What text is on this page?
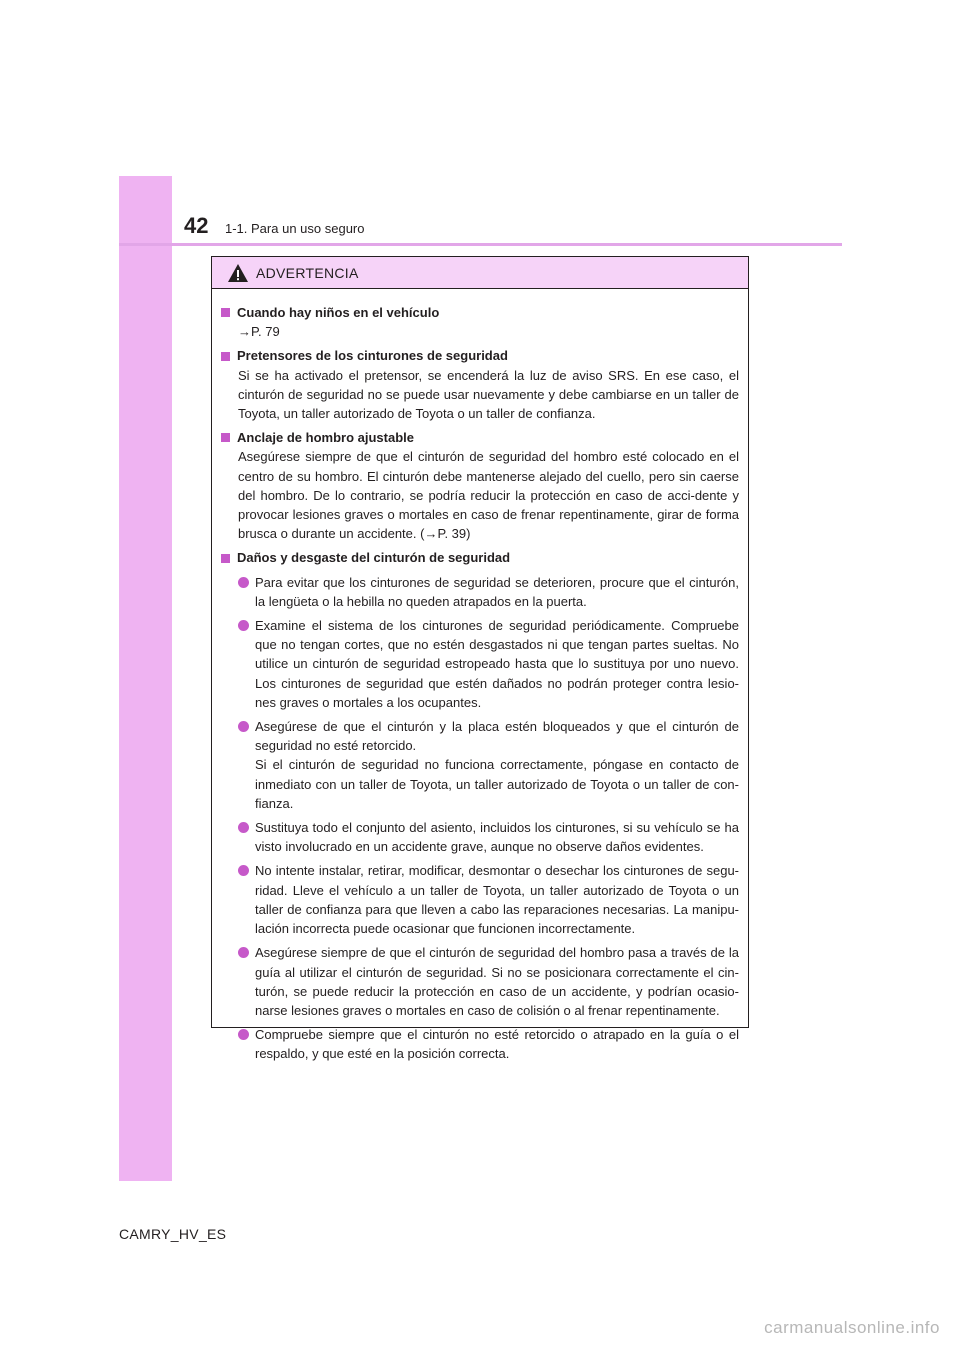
42 1-1. Para un uso seguro
ADVERTENCIA
Cuando hay niños en el vehículo
→P. 79
Pretensores de los cinturones de seguridad
Si se ha activado el pretensor, se encenderá la luz de aviso SRS. En ese caso, el cinturón de seguridad no se puede usar nuevamente y debe cambiarse en un taller de Toyota, un taller autorizado de Toyota o un taller de confianza.
Anclaje de hombro ajustable
Asegúrese siempre de que el cinturón de seguridad del hombro esté colocado en el centro de su hombro. El cinturón debe mantenerse alejado del cuello, pero sin caerse del hombro. De lo contrario, se podría reducir la protección en caso de acci-dente y provocar lesiones graves o mortales en caso de frenar repentinamente, girar de forma brusca o durante un accidente. (→P. 39)
Daños y desgaste del cinturón de seguridad
Para evitar que los cinturones de seguridad se deterioren, procure que el cinturón, la lengüeta o la hebilla no queden atrapados en la puerta.
Examine el sistema de los cinturones de seguridad periódicamente. Compruebe que no tengan cortes, que no estén desgastados ni que tengan partes sueltas. No utilice un cinturón de seguridad estropeado hasta que lo sustituya por uno nuevo. Los cinturones de seguridad que estén dañados no podrán proteger contra lesio-nes graves o mortales a los ocupantes.
Asegúrese de que el cinturón y la placa estén bloqueados y que el cinturón de seguridad no esté retorcido.
Si el cinturón de seguridad no funciona correctamente, póngase en contacto de inmediato con un taller de Toyota, un taller autorizado de Toyota o un taller de con-fianza.
Sustituya todo el conjunto del asiento, incluidos los cinturones, si su vehículo se ha visto involucrado en un accidente grave, aunque no observe daños evidentes.
No intente instalar, retirar, modificar, desmontar o desechar los cinturones de segu-ridad. Lleve el vehículo a un taller de Toyota, un taller autorizado de Toyota o un taller de confianza para que lleven a cabo las reparaciones necesarias. La manipu-lación incorrecta puede ocasionar que funcionen incorrectamente.
Asegúrese siempre de que el cinturón de seguridad del hombro pasa a través de la guía al utilizar el cinturón de seguridad. Si no se posicionara correctamente el cin-turón, se puede reducir la protección en caso de un accidente, y podrían ocasio-narse lesiones graves o mortales en caso de colisión o al frenar repentinamente.
Compruebe siempre que el cinturón no esté retorcido o atrapado en la guía o el respaldo, y que esté en la posición correcta.
CAMRY_HV_ES
carmanualsonline.info
